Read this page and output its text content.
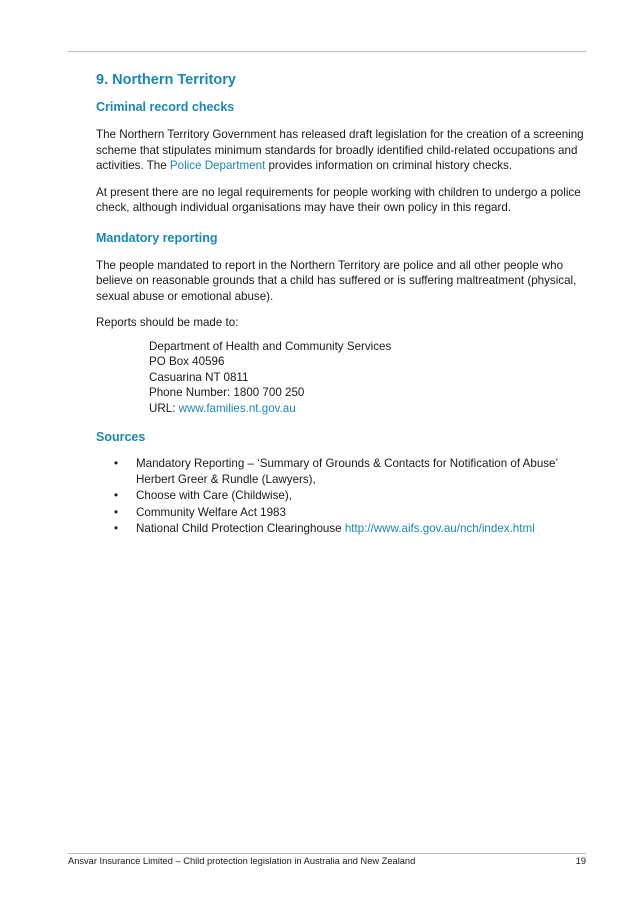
9. Northern Territory
Criminal record checks

The Northern Territory Government has released draft legislation for the creation of a screening scheme that stipulates minimum standards for broadly identified child-related occupations and activities. The Police Department provides information on criminal history checks.

At present there are no legal requirements for people working with children to undergo a police check, although individual organisations may have their own policy in this regard.

Mandatory reporting

The people mandated to report in the Northern Territory are police and all other people who believe on reasonable grounds that a child has suffered or is suffering maltreatment (physical, sexual abuse or emotional abuse).

Reports should be made to:

Department of Health and Community Services
PO Box 40596
Casuarina NT 0811
Phone Number: 1800 700 250
URL: www.families.nt.gov.au
Sources
• Mandatory Reporting – ‘Summary of Grounds & Contacts for Notification of Abuse’ Herbert Greer & Rundle (Lawyers),
• Choose with Care (Childwise),
• Community Welfare Act 1983
• National Child Protection Clearinghouse http://www.aifs.gov.au/nch/index.html
Ansvar Insurance Limited – Child protection legislation in Australia and New Zealand	19
